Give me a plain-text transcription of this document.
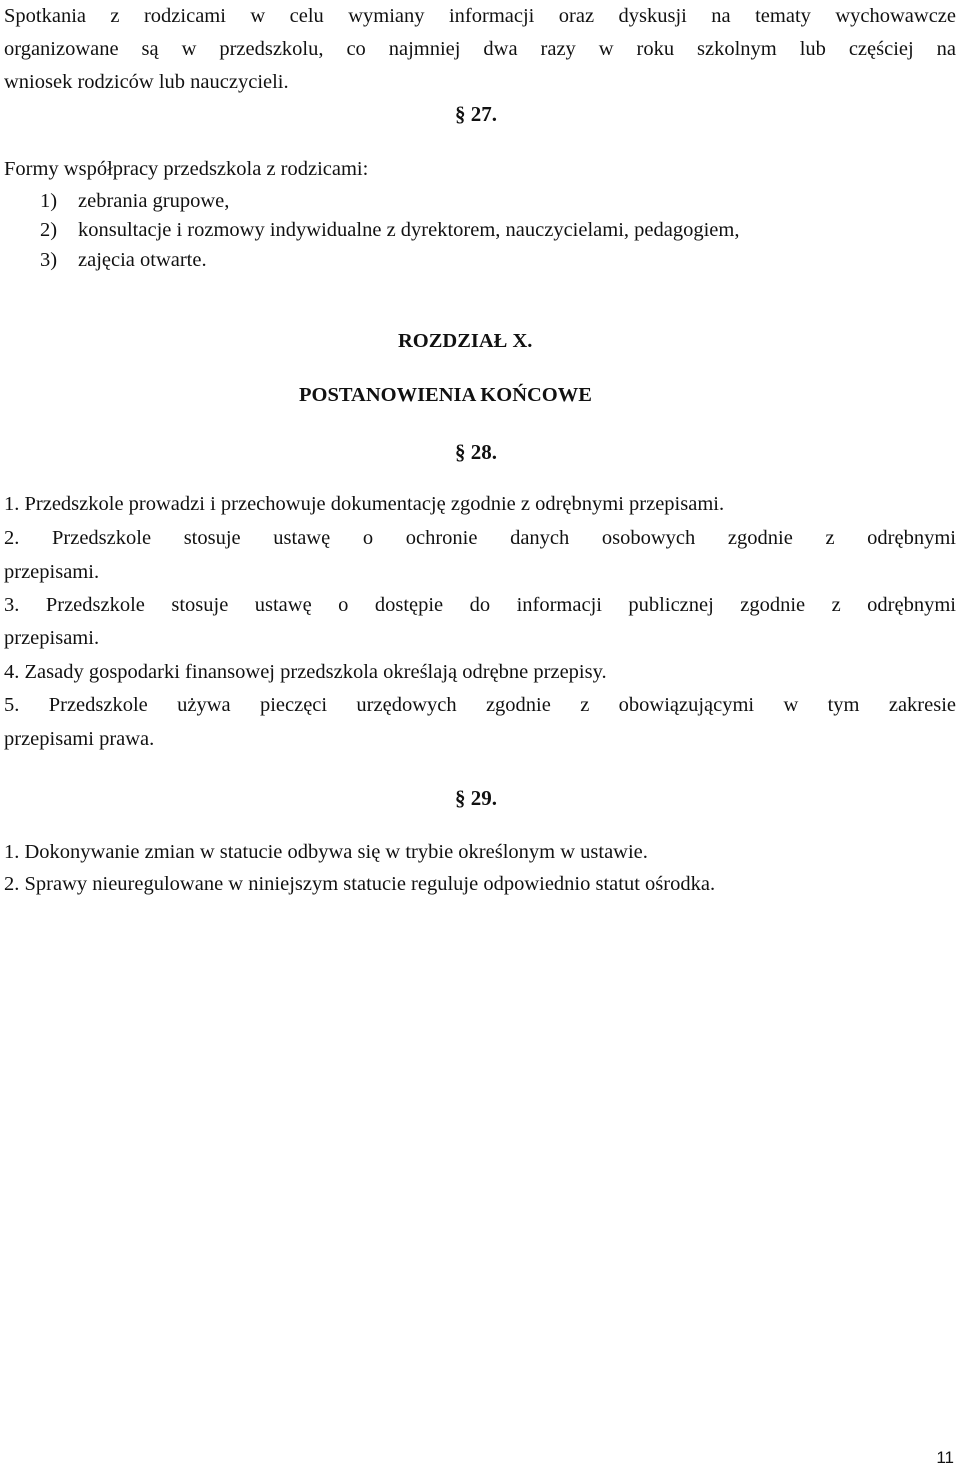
Spotkania z rodzicami w celu wymiany informacji oraz dyskusji na tematy wychowawcze
organizowane są w przedszkolu, co najmniej dwa razy w roku szkolnym lub częściej na
wniosek rodziców lub nauczycieli.
§ 27.
Formy współpracy przedszkola z rodzicami:
1) zebrania grupowe,
2) konsultacje i rozmowy indywidualne z dyrektorem, nauczycielami, pedagogiem,
3) zajęcia otwarte.
ROZDZIAŁ X.
POSTANOWIENIA KOŃCOWE
§ 28.
1. Przedszkole prowadzi i przechowuje dokumentację zgodnie z odrębnymi przepisami.
2. Przedszkole stosuje ustawę o ochronie danych osobowych zgodnie z odrębnymi
przepisami.
3. Przedszkole stosuje ustawę o dostępie do informacji publicznej zgodnie z odrębnymi
przepisami.
4. Zasady gospodarki finansowej przedszkola określają odrębne przepisy.
5. Przedszkole używa pieczęci urzędowych zgodnie z obowiązującymi w tym zakresie
przepisami prawa.
§ 29.
1. Dokonywanie zmian w statucie odbywa się w trybie określonym w ustawie.
2. Sprawy nieuregulowane w niniejszym statucie reguluje odpowiednio statut ośrodka.
11
